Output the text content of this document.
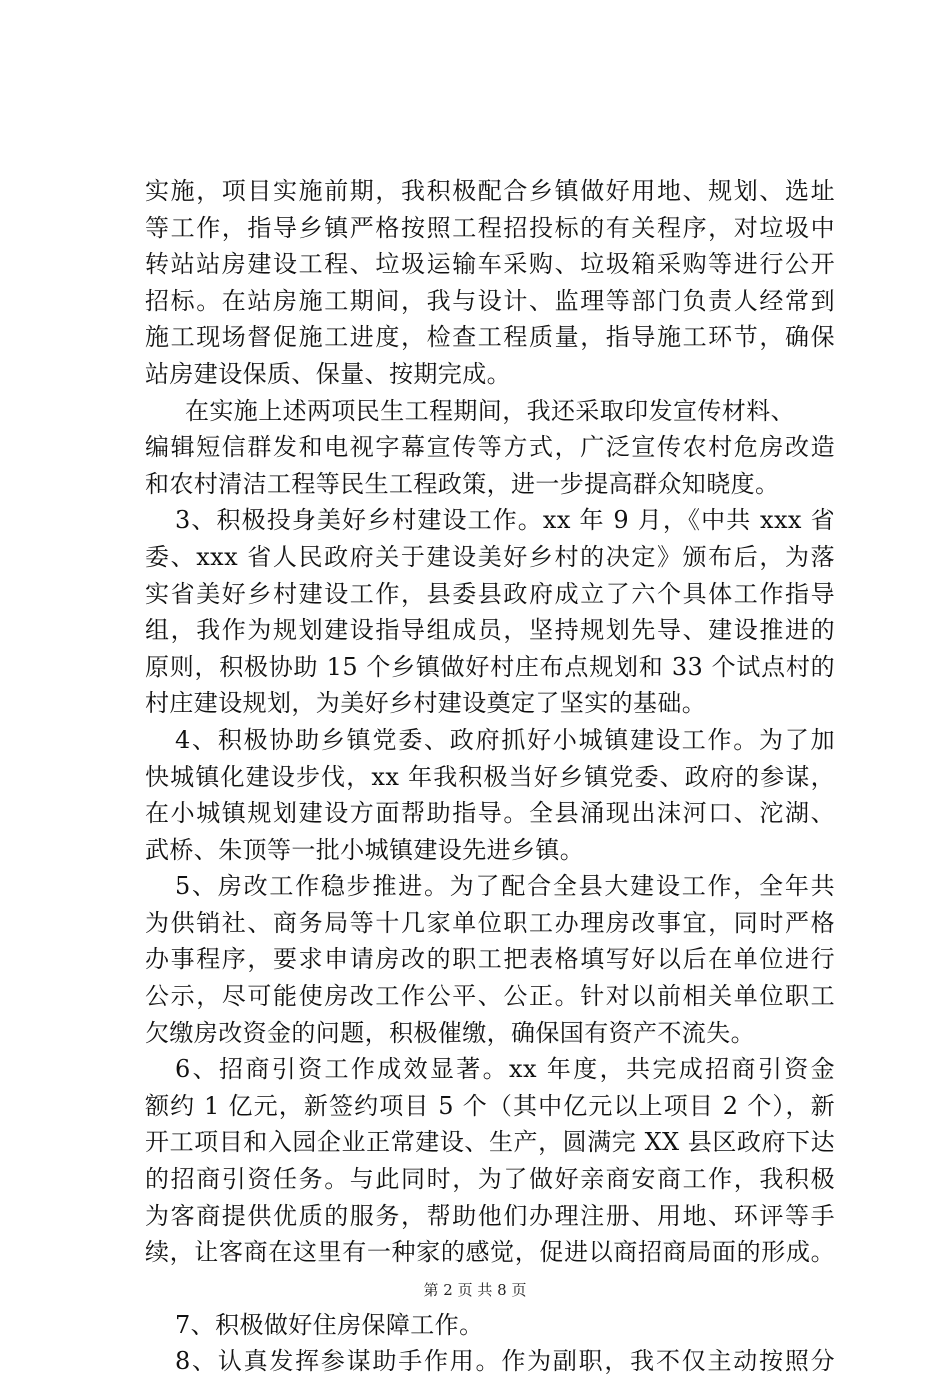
实施，项目实施前期，我积极配合乡镇做好用地、规划、选址
等工作，指导乡镇严格按照工程招投标的有关程序，对垃圾中
转站站房建设工程、垃圾运输车采购、垃圾箱采购等进行公开
招标。在站房施工期间，我与设计、监理等部门负责人经常到
施工现场督促施工进度，检查工程质量，指导施工环节，确保
站房建设保质、保量、按期完成。
在实施上述两项民生工程期间，我还采取印发宣传材料、
编辑短信群发和电视字幕宣传等方式，广泛宣传农村危房改造
和农村清洁工程等民生工程政策，进一步提高群众知晓度。
3、积极投身美好乡村建设工作。xx 年 9 月，《中共 xxx 省
委、xxx 省人民政府关于建设美好乡村的决定》颁布后，为落
实省美好乡村建设工作，县委县政府成立了六个具体工作指导
组，我作为规划建设指导组成员，坚持规划先导、建设推进的
原则，积极协助 15 个乡镇做好村庄布点规划和 33 个试点村的
村庄建设规划，为美好乡村建设奠定了坚实的基础。
4、积极协助乡镇党委、政府抓好小城镇建设工作。为了加
快城镇化建设步伐，xx 年我积极当好乡镇党委、政府的参谋，
在小城镇规划建设方面帮助指导。全县涌现出沫河口、沱湖、
武桥、朱顶等一批小城镇建设先进乡镇。
5、房改工作稳步推进。为了配合全县大建设工作，全年共
为供销社、商务局等十几家单位职工办理房改事宜，同时严格
办事程序，要求申请房改的职工把表格填写好以后在单位进行
公示，尽可能使房改工作公平、公正。针对以前相关单位职工
欠缴房改资金的问题，积极催缴，确保国有资产不流失。
6、招商引资工作成效显著。xx 年度，共完成招商引资金
额约 1 亿元，新签约项目 5 个（其中亿元以上项目 2 个），新
开工项目和入园企业正常建设、生产，圆满完 XX 县区政府下达
的招商引资任务。与此同时，为了做好亲商安商工作，我积极
为客商提供优质的服务，帮助他们办理注册、用地、环评等手
续，让客商在这里有一种家的感觉，促进以商招商局面的形成。
7、积极做好住房保障工作。
8、认真发挥参谋助手作用。作为副职，我不仅主动按照分
第 2 页 共 8 页
